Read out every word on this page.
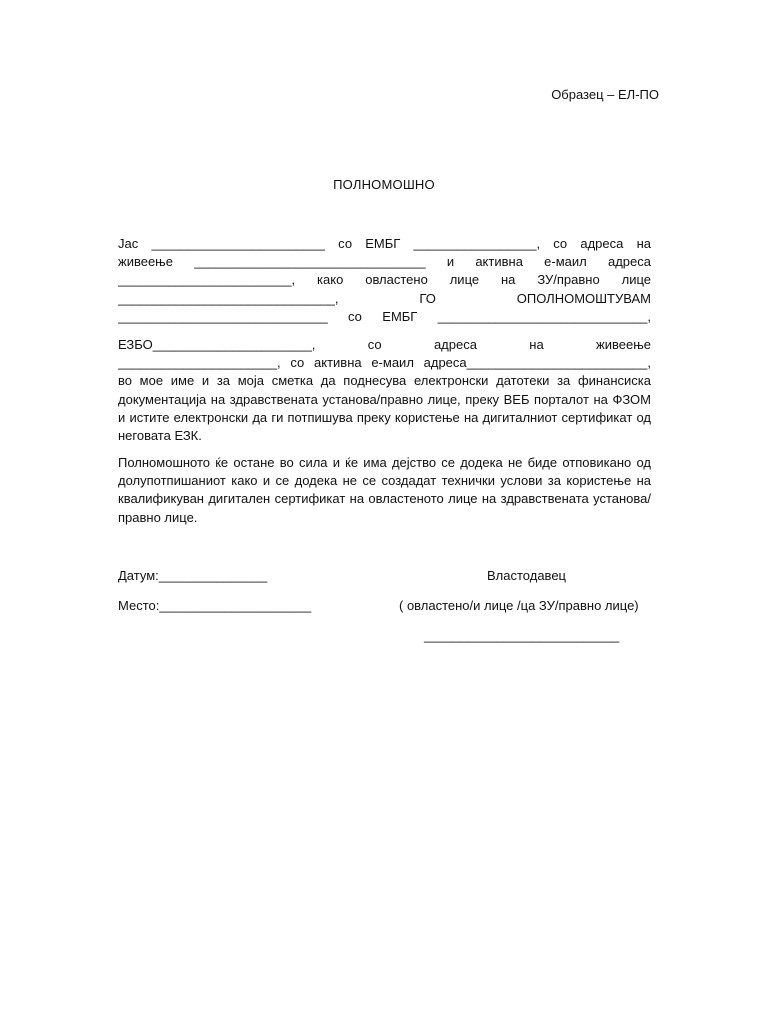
Образец – ЕЛ-ПО
ПОЛНОМОШНО
Јас ________________________ со ЕМБГ _________________, со адреса на
живеење ________________________________ и активна е-маил адреса
________________________, како овластено лице на ЗУ/правно лице
______________________________, ГО ОПОЛНОМОШТУВАМ
_____________________________ со ЕМБГ _____________________________,
ЕЗБО______________________, со адреса на живеење
______________________, со активна е-маил адреса_________________________,
во мое име и за моја сметка да поднесува електронски датотеки за финансиска документација на здравствената установа/правно лице, преку ВЕБ порталот на ФЗОМ и истите електронски да ги потпишува преку користење на дигиталниот сертификат од неговата ЕЗК.
Полномошното ќе остане во сила и ќе има дејство се додека не биде отповикано од долупотпишаниот како и се додека не се создадат технички услови за користење на квалификуван дигитален сертификат на овластеното лице на здравствената установа/правно лице.
Датум:_______________
Место:_____________________
Властодавец
( овластено/и лице /ца ЗУ/правно лице)
___________________________
